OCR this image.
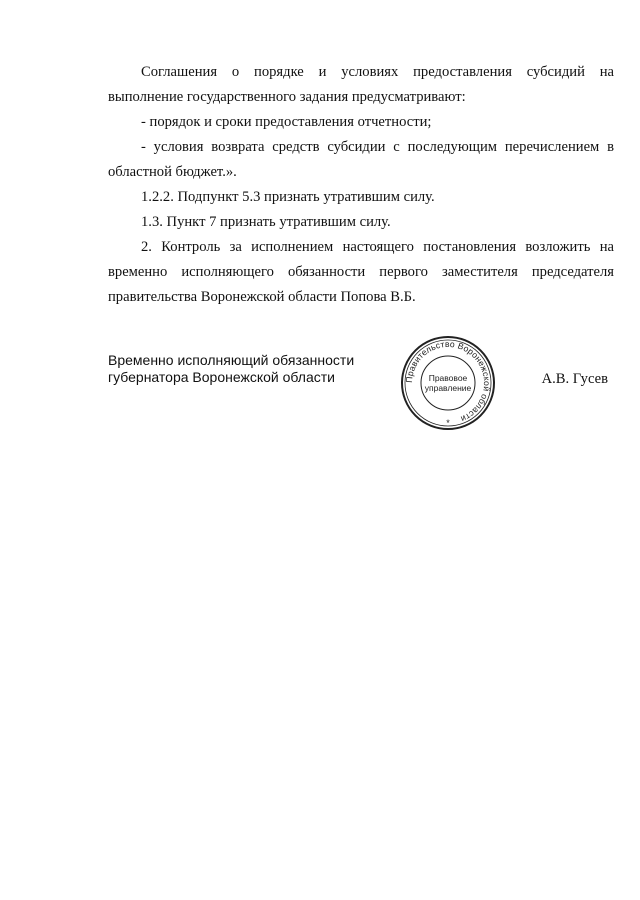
Соглашения о порядке и условиях предоставления субсидий на выполнение государственного задания предусматривают:

- порядок и сроки предоставления отчетности;

- условия возврата средств субсидии с последующим перечислением в областной бюджет.».

1.2.2. Подпункт 5.3 признать утратившим силу.

1.3. Пункт 7 признать утратившим силу.

2. Контроль за исполнением настоящего постановления возложить на временно исполняющего обязанности первого заместителя председателя правительства Воронежской области Попова В.Б.

Временно исполняющий обязанности
губернатора Воронежской области	Правительство Воронежской области
Правовое
управление
*
А.В. Гусев
